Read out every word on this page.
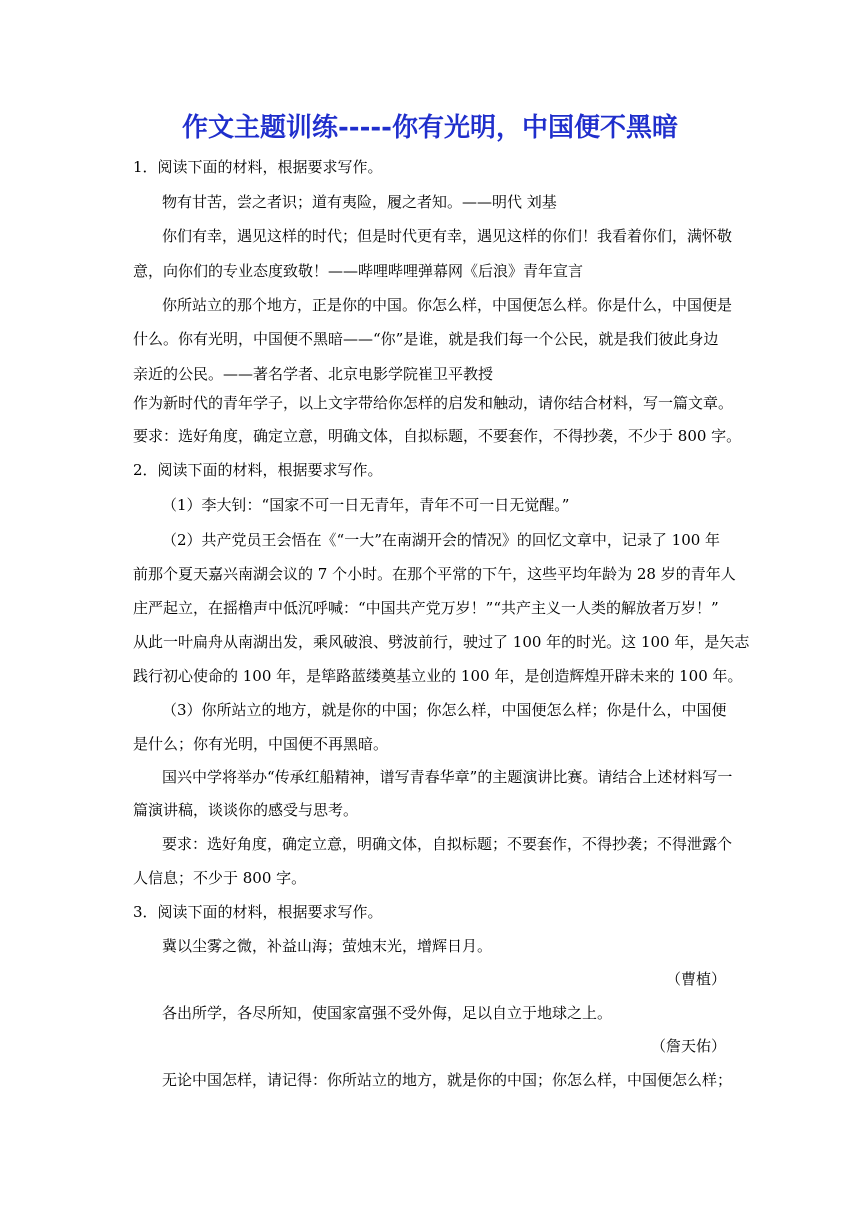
作文主题训练-----你有光明，中国便不黑暗
1．阅读下面的材料，根据要求写作。
物有甘苦，尝之者识；道有夷险，履之者知。——明代 刘基
你们有幸，遇见这样的时代；但是时代更有幸，遇见这样的你们！我看着你们，满怀敬
意，向你们的专业态度致敬！——哔哩哔哩弹幕网《后浪》青年宣言
你所站立的那个地方，正是你的中国。你怎么样，中国便怎么样。你是什么，中国便是
什么。你有光明，中国便不黑暗——“你”是谁，就是我们每一个公民，就是我们彼此身边
亲近的公民。——著名学者、北京电影学院崔卫平教授
作为新时代的青年学子，以上文字带给你怎样的启发和触动，请你结合材料，写一篇文章。
要求：选好角度，确定立意，明确文体，自拟标题，不要套作，不得抄袭，不少于 800 字。
2．阅读下面的材料，根据要求写作。
（1）李大钊：“国家不可一日无青年，青年不可一日无觉醒。”
（2）共产党员王会悟在《“一大”在南湖开会的情况》的回忆文章中，记录了 100 年
前那个夏天嘉兴南湖会议的 7 个小时。在那个平常的下午，这些平均年龄为 28 岁的青年人
庄严起立，在摇橹声中低沉呼喊：“中国共产党万岁！”“共产主义一人类的解放者万岁！”
从此一叶扁舟从南湖出发，乘风破浪、劈波前行，驶过了 100 年的时光。这 100 年，是矢志
践行初心使命的 100 年，是筚路蓝缕奠基立业的 100 年，是创造辉煌开辟未来的 100 年。
（3）你所站立的地方，就是你的中国；你怎么样，中国便怎么样；你是什么，中国便
是什么；你有光明，中国便不再黑暗。
国兴中学将举办“传承红船精神，谱写青春华章”的主题演讲比赛。请结合上述材料写一
篇演讲稿，谈谈你的感受与思考。
要求：选好角度，确定立意，明确文体，自拟标题；不要套作，不得抄袭；不得泄露个
人信息；不少于 800 字。
3．阅读下面的材料，根据要求写作。
冀以尘雾之微，补益山海；萤烛末光，增辉日月。
（曹植）
各出所学，各尽所知，使国家富强不受外侮，足以自立于地球之上。
（詹天佑）
无论中国怎样，请记得：你所站立的地方，就是你的中国；你怎么样，中国便怎么样；
